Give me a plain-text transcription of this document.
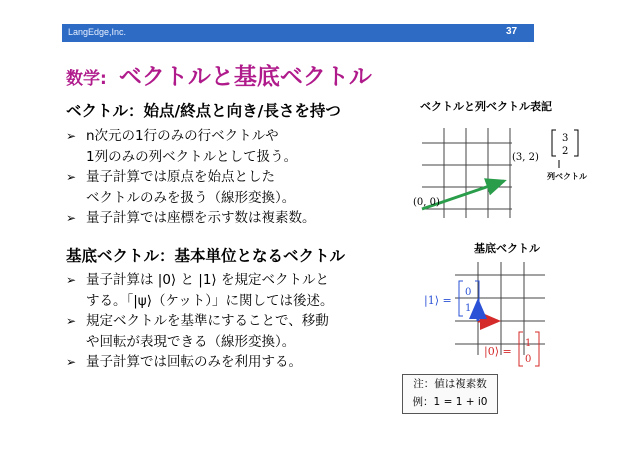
LangEdge,Inc.	37
数学: ベクトルと基底ベクトル
ベクトル：始点/終点と向き/長さを持つ
➢ n次元の1行のみの行ベクトルや
1列のみの列ベクトルとして扱う。
➢ 量子計算では原点を始点とした
ベクトルのみを扱う（線形変換）。
➢ 量子計算では座標を示す数は複素数。
基底ベクトル：基本単位となるベクトル
➢ 量子計算は |0⟩ と |1⟩ を規定ベクトルと
する。「|ψ⟩（ケット）」に関しては後述。
➢ 規定ベクトルを基準にすることで、移動
や回転が表現できる（線形変換）。
➢ 量子計算では回転のみを利用する。
ベクトルと列ベクトル表記
基底ベクトル
(0, 0)
(3, 2)
3
2
列ベクトル
|1⟩ =
0
1
|0⟩ =
1
0
注：値は複素数
例：1 = 1 + i0
